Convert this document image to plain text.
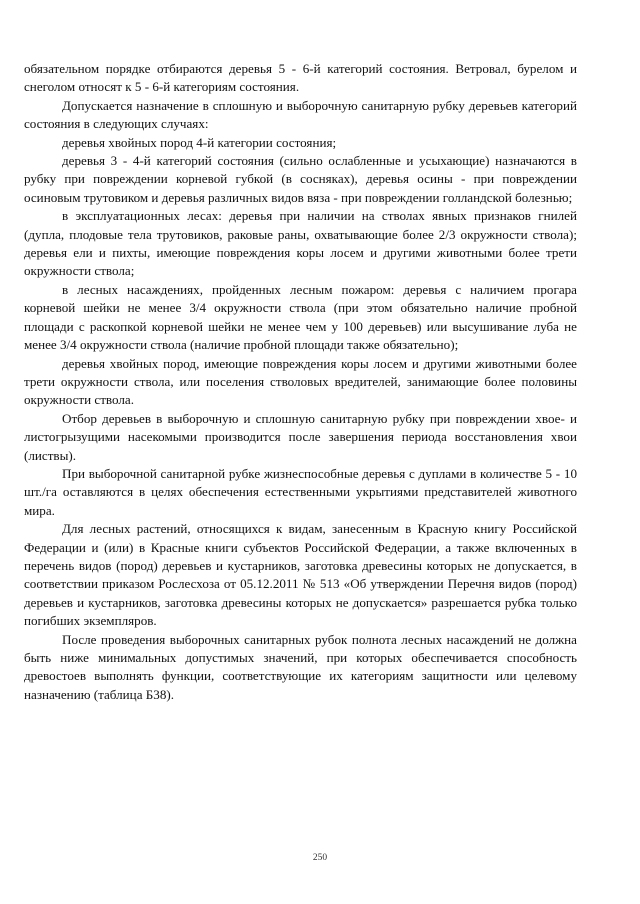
обязательном порядке отбираются деревья 5 - 6-й категорий состояния. Ветровал, бурелом и снеголом относят к 5 - 6-й категориям состояния.

Допускается назначение в сплошную и выборочную санитарную рубку деревьев категорий состояния в следующих случаях:

деревья хвойных пород 4-й категории состояния;

деревья 3 - 4-й категорий состояния (сильно ослабленные и усыхающие) назначаются в рубку при повреждении корневой губкой (в сосняках), деревья осины - при повреждении осиновым трутовиком и деревья различных видов вяза - при повреждении голландской болезнью;

в эксплуатационных лесах: деревья при наличии на стволах явных признаков гнилей (дупла, плодовые тела трутовиков, раковые раны, охватывающие более 2/3 окружности ствола); деревья ели и пихты, имеющие повреждения коры лосем и другими животными более трети окружности ствола;

в лесных насаждениях, пройденных лесным пожаром: деревья с наличием прогара корневой шейки не менее 3/4 окружности ствола (при этом обязательно наличие пробной площади с раскопкой корневой шейки не менее чем у 100 деревьев) или высушивание луба не менее 3/4 окружности ствола (наличие пробной площади также обязательно);

деревья хвойных пород, имеющие повреждения коры лосем и другими животными более трети окружности ствола, или поселения стволовых вредителей, занимающие более половины окружности ствола.

Отбор деревьев в выборочную и сплошную санитарную рубку при повреждении хвое- и листогрызущими насекомыми производится после завершения периода восстановления хвои (листвы).

При выборочной санитарной рубке жизнеспособные деревья с дуплами в количестве 5 - 10 шт./га оставляются в целях обеспечения естественными укрытиями представителей животного мира.

Для лесных растений, относящихся к видам, занесенным в Красную книгу Российской Федерации и (или) в Красные книги субъектов Российской Федерации, а также включенных в перечень видов (пород) деревьев и кустарников, заготовка древесины которых не допускается, в соответствии приказом Рослесхоза от 05.12.2011 № 513 «Об утверждении Перечня видов (пород) деревьев и кустарников, заготовка древесины которых не допускается» разрешается рубка только погибших экземпляров.

После проведения выборочных санитарных рубок полнота лесных насаждений не должна быть ниже минимальных допустимых значений, при которых обеспечивается способность древостоев выполнять функции, соответствующие их категориям защитности или целевому назначению (таблица Б38).

250
